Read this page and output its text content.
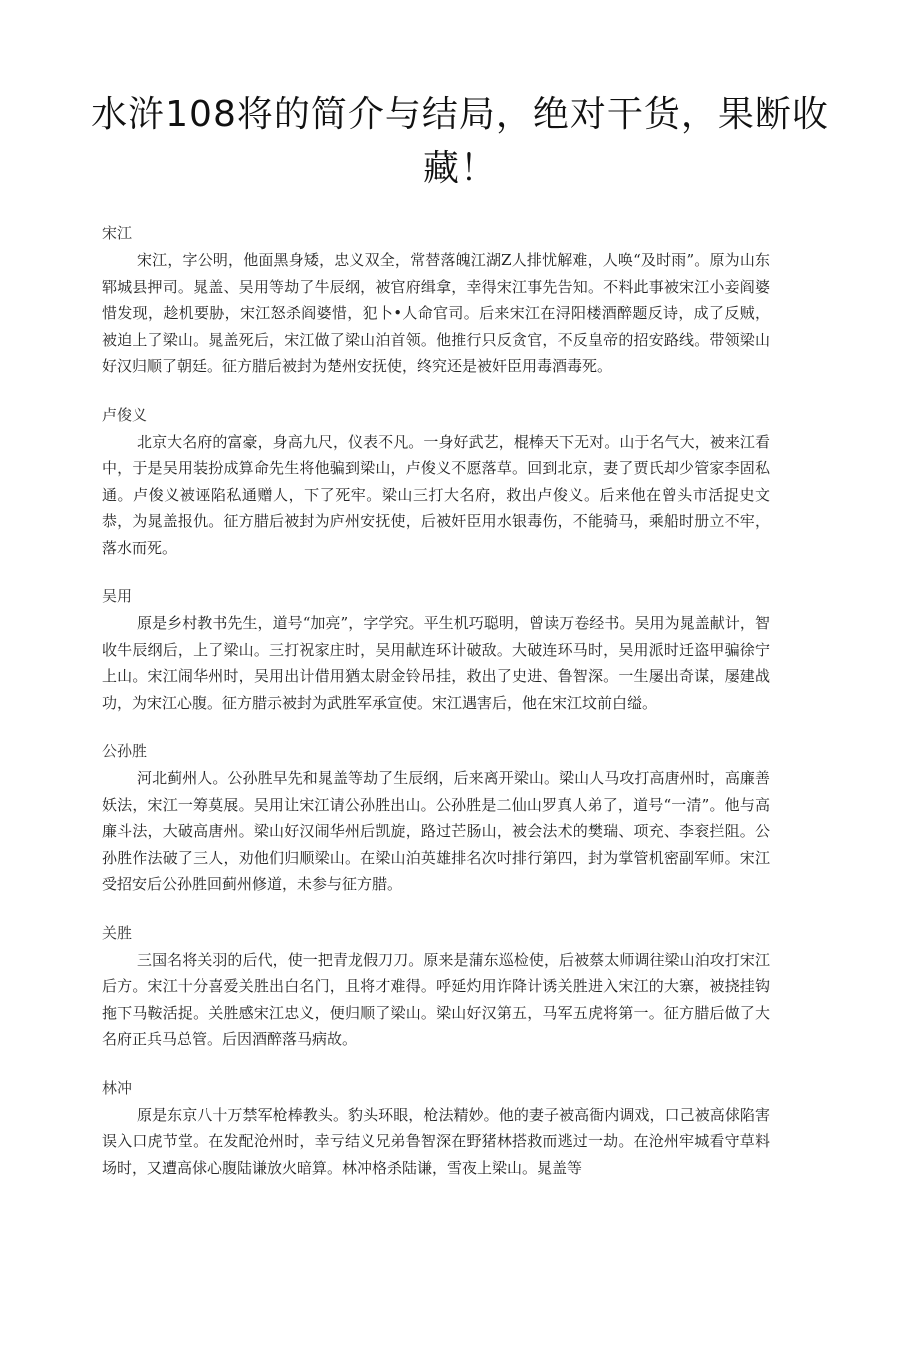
水浒108将的简介与结局，绝对干货，果断收藏！

宋江

宋江，字公明，他面黑身矮，忠义双全，常替落魄江湖Z人排忧解难，人唤“及时雨”。原为山东郓城县押司。晁盖、吴用等劫了牛辰纲，被官府缉拿，幸得宋江事先告知。不料此事被宋江小妾阎婆惜发现，趁机要胁，宋江怒杀阎婆惜，犯卜•人命官司。后来宋江在浔阳楼酒醉题反诗，成了反贼，被迫上了梁山。晁盖死后，宋江做了梁山泊首领。他推行只反贪官，不反皇帝的招安路线。带领梁山好汉归顺了朝廷。征方腊后被封为楚州安抚使，终究还是被奸臣用毒酒毒死。

卢俊义

北京大名府的富豪，身高九尺，仪表不凡。一身好武艺，棍棒天下无对。山于名气大，被来江看中，于是吴用装扮成算命先生将他骗到梁山，卢俊义不愿落草。回到北京，妻了贾氏却少管家李固私通。卢俊义被诬陷私通赠人，下了死牢。梁山三打大名府，救出卢俊义。后来他在曾头市活捉史文恭，为晁盖报仇。征方腊后被封为庐州安抚使，后被奸臣用水银毒伤，不能骑马，乘船时册立不牢，落水而死。

吴用

原是乡村教书先生，道号“加亮”，字学究。平生机巧聪明，曾读万卷经书。吴用为晁盖献计，智收牛辰纲后，上了梁山。三打祝家庄时，吴用献连环计破敌。大破连环马时，吴用派时迁盗甲骗徐宁上山。宋江闹华州时，吴用出计借用猶太尉金铃吊挂，救出了史进、鲁智深。一生屡出奇谋，屡建战功，为宋江心腹。征方腊示被封为武胜军承宣使。宋江遇害后，他在宋江坟前白缢。

公孙胜

河北蓟州人。公孙胜早先和晁盖等劫了生辰纲，后来离开梁山。梁山人马攻打高唐州时，高廉善妖法，宋江一筹莫展。吴用让宋江请公孙胜出山。公孙胜是二仙山罗真人弟了，道号“一清”。他与高廉斗法，大破高唐州。梁山好汉闹华州后凯旋，路过芒肠山，被会法术的樊瑞、项充、李衮拦阻。公孙胜作法破了三人，劝他们归顺梁山。在梁山泊英雄排名次吋排行第四，封为掌管机密副军师。宋江受招安后公孙胜回蓟州修道，未参与征方腊。

关胜

三国名将关羽的后代，使一把青龙假刀刀。原来是蒲东巡检使，后被蔡太师调往梁山泊攻打宋江后方。宋江十分喜爱关胜出白名门，且将才难得。呼延灼用诈降计诱关胜进入宋江的大寨，被挠挂钩拖下马鞍活捉。关胜感宋江忠义，便归顺了梁山。梁山好汉第五，马军五虎将第一。征方腊后做了大名府正兵马总管。后因酒醉落马病故。

林冲

原是东京八十万禁军枪棒教头。豹头环眼，枪法精妙。他的妻子被高衙内调戏，口己被高俅陷害误入口虎节堂。在发配沧州时，幸亏结义兄弟鲁智深在野猪林搭救而逃过一劫。在沧州牢城看守草料场时，又遭高俅心腹陆谦放火暗算。林冲格杀陆谦，雪夜上梁山。晁盖等
